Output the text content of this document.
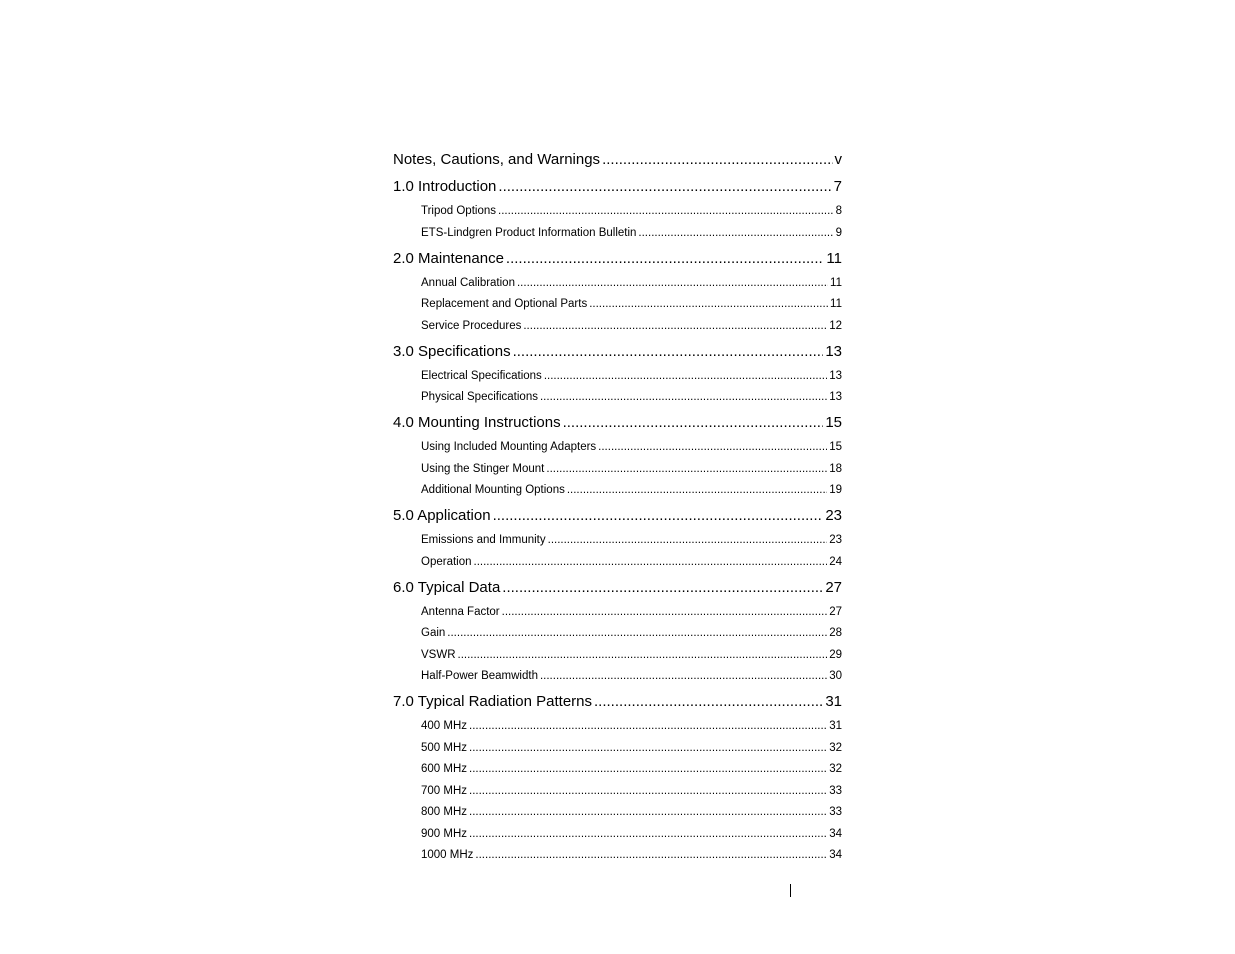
Notes, Cautions, and Warnings .....	v
1.0 Introduction .....	7
Tripod Options .....	8
ETS-Lindgren Product Information Bulletin .....	9
2.0 Maintenance .....	11
Annual Calibration .....	11
Replacement and Optional Parts .....	11
Service Procedures .....	12
3.0 Specifications .....	13
Electrical Specifications .....	13
Physical Specifications .....	13
4.0 Mounting Instructions .....	15
Using Included Mounting Adapters .....	15
Using the Stinger Mount .....	18
Additional Mounting Options .....	19
5.0 Application .....	23
Emissions and Immunity .....	23
Operation .....	24
6.0 Typical Data .....	27
Antenna Factor .....	27
Gain .....	28
VSWR .....	29
Half-Power Beamwidth .....	30
7.0 Typical Radiation Patterns .....	31
400 MHz .....	31
500 MHz .....	32
600 MHz .....	32
700 MHz .....	33
800 MHz .....	33
900 MHz .....	34
1000 MHz .....	34
